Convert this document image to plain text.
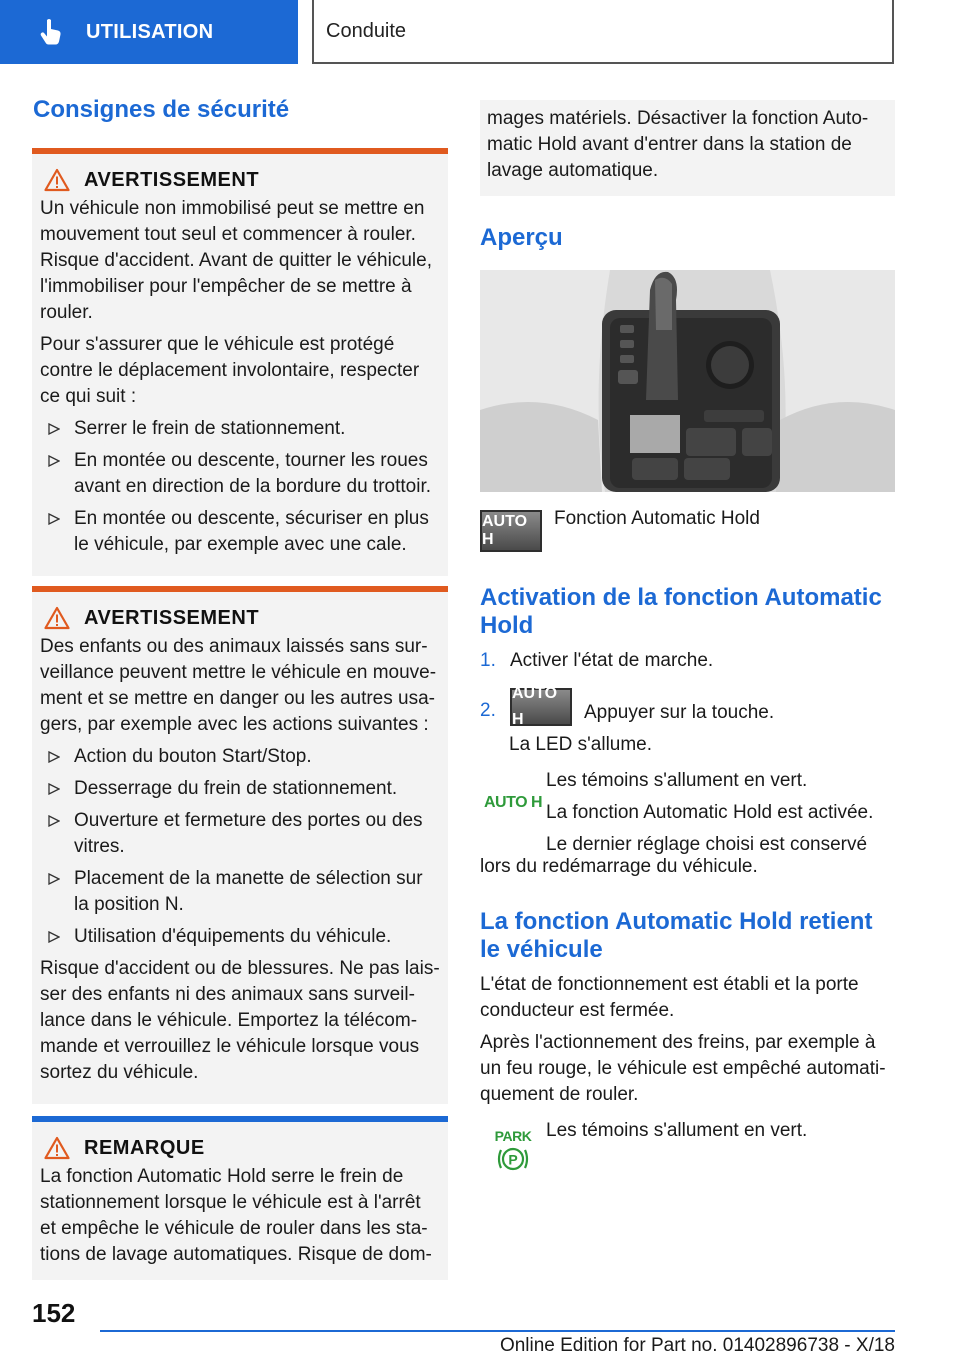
UTILISATION	Conduite
Consignes de sécurité
AVERTISSEMENT

Un véhicule non immobilisé peut se mettre en mouvement tout seul et commencer à rouler. Risque d'accident. Avant de quitter le véhicule, l'immobiliser pour l'empêcher de se mettre à rouler.

Pour s'assurer que le véhicule est protégé contre le déplacement involontaire, respecter ce qui suit :

Serrer le frein de stationnement.
En montée ou descente, tourner les roues avant en direction de la bordure du trottoir.
En montée ou descente, sécuriser en plus le véhicule, par exemple avec une cale.
AVERTISSEMENT

Des enfants ou des animaux laissés sans sur-veillance peuvent mettre le véhicule en mouve-ment et se mettre en danger ou les autres usa-gers, par exemple avec les actions suivantes :

Action du bouton Start/Stop.
Desserrage du frein de stationnement.
Ouverture et fermeture des portes ou des vitres.
Placement de la manette de sélection sur la position N.
Utilisation d'équipements du véhicule.

Risque d'accident ou de blessures. Ne pas lais-ser des enfants ni des animaux sans surveil-lance dans le véhicule. Emportez la télécom-mande et verrouillez le véhicule lorsque vous sortez du véhicule.

REMARQUE

La fonction Automatic Hold serre le frein de stationnement lorsque le véhicule est à l'arrêt et empêche le véhicule de rouler dans les sta-tions de lavage automatiques. Risque de dom-

mages matériels. Désactiver la fonction Auto-matic Hold avant d'entrer dans la station de lavage automatique.

Aperçu
AUTO H

Fonction Automatic Hold

Activation de la fonction Automatic Hold
1. Activer l'état de marche.
2.
AUTO H	Appuyer sur la touche.

La LED s'allume.

AUTO H

Les témoins s'allument en vert.

La fonction Automatic Hold est activée.

Le dernier réglage choisi est conservé

lors du redémarrage du véhicule.

La fonction Automatic Hold retient le véhicule

L'état de fonctionnement est établi et la porte conducteur est fermée.

Après l'actionnement des freins, par exemple à un feu rouge, le véhicule est empêché automati-quement de rouler.

PARK
P

Les témoins s'allument en vert.

152
Online Edition for Part no. 01402896738 - X/18
